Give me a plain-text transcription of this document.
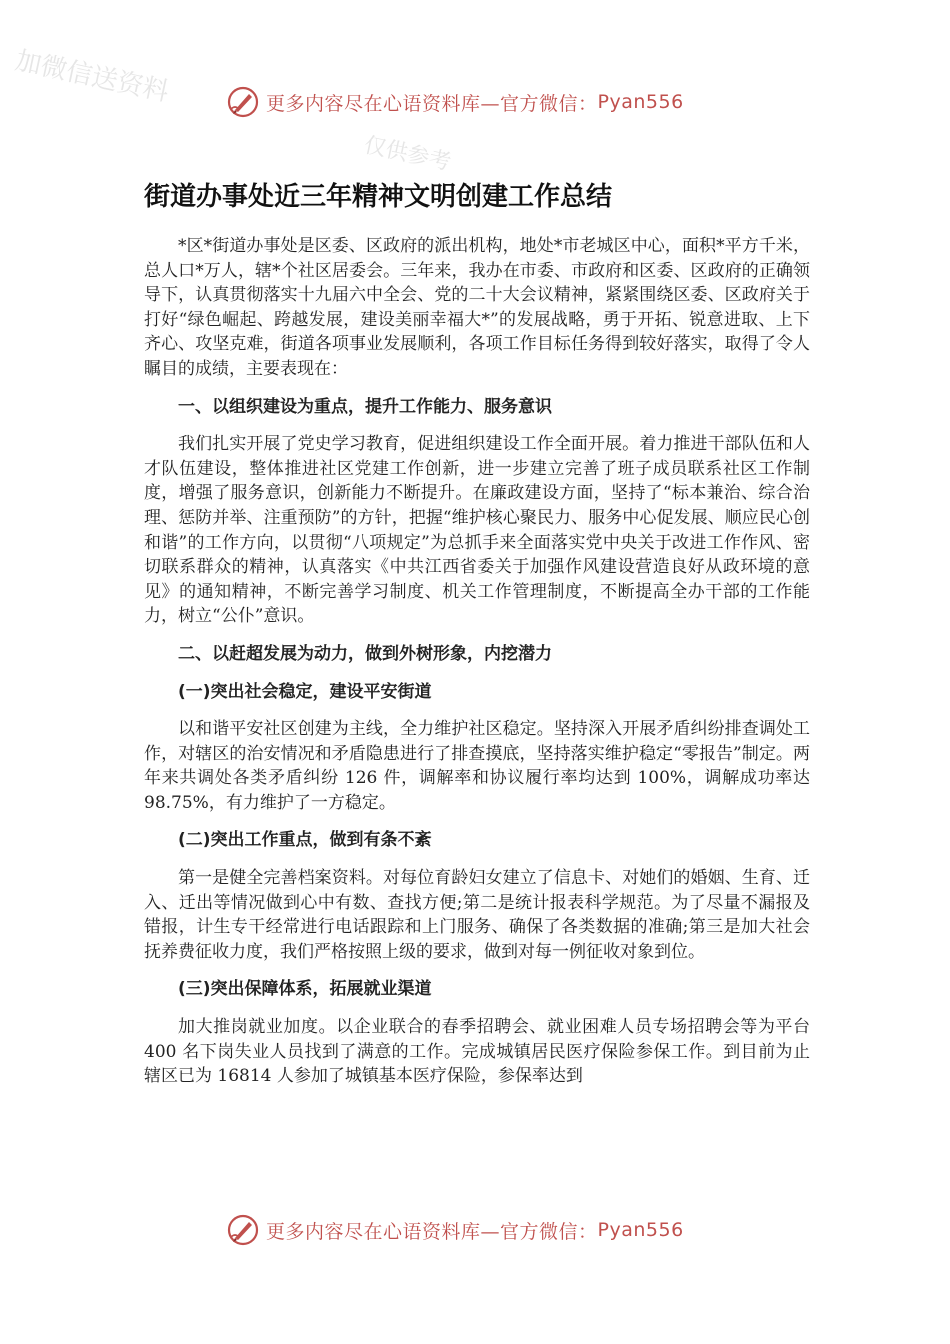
加微信送资料
仅供参考
更多内容尽在心语资料库—官方微信： Pyan556
街道办事处近三年精神文明创建工作总结

*区*街道办事处是区委、区政府的派出机构，地处*市老城区中心，面积*平方千米，总人口*万人，辖*个社区居委会。三年来，我办在市委、市政府和区委、区政府的正确领导下，认真贯彻落实十九届六中全会、党的二十大会议精神，紧紧围绕区委、区政府关于打好“绿色崛起、跨越发展，建设美丽幸福大*”的发展战略，勇于开拓、锐意进取、上下齐心、攻坚克难，街道各项事业发展顺利，各项工作目标任务得到较好落实，取得了令人瞩目的成绩，主要表现在：

一、以组织建设为重点，提升工作能力、服务意识

我们扎实开展了党史学习教育，促进组织建设工作全面开展。着力推进干部队伍和人才队伍建设，整体推进社区党建工作创新，进一步建立完善了班子成员联系社区工作制度，增强了服务意识，创新能力不断提升。在廉政建设方面，坚持了“标本兼治、综合治理、惩防并举、注重预防”的方针，把握“维护核心聚民力、服务中心促发展、顺应民心创和谐”的工作方向，以贯彻“八项规定”为总抓手来全面落实党中央关于改进工作作风、密切联系群众的精神，认真落实《中共江西省委关于加强作风建设营造良好从政环境的意见》的通知精神，不断完善学习制度、机关工作管理制度，不断提高全办干部的工作能力，树立“公仆”意识。

二、以赶超发展为动力，做到外树形象，内挖潜力
(一)突出社会稳定，建设平安街道

以和谐平安社区创建为主线，全力维护社区稳定。坚持深入开展矛盾纠纷排查调处工作，对辖区的治安情况和矛盾隐患进行了排查摸底，坚持落实维护稳定“零报告”制定。两年来共调处各类矛盾纠纷 126 件，调解率和协议履行率均达到 100%，调解成功率达 98.75%，有力维护了一方稳定。

(二)突出工作重点，做到有条不紊

第一是健全完善档案资料。对每位育龄妇女建立了信息卡、对她们的婚姻、生育、迁入、迁出等情况做到心中有数、查找方便;第二是统计报表科学规范。为了尽量不漏报及错报，计生专干经常进行电话跟踪和上门服务、确保了各类数据的准确;第三是加大社会抚养费征收力度，我们严格按照上级的要求，做到对每一例征收对象到位。

(三)突出保障体系，拓展就业渠道

加大推岗就业加度。以企业联合的春季招聘会、就业困难人员专场招聘会等为平台 400 名下岗失业人员找到了满意的工作。完成城镇居民医疗保险参保工作。到目前为止辖区已为 16814 人参加了城镇基本医疗保险，参保率达到

更多内容尽在心语资料库—官方微信： Pyan556
